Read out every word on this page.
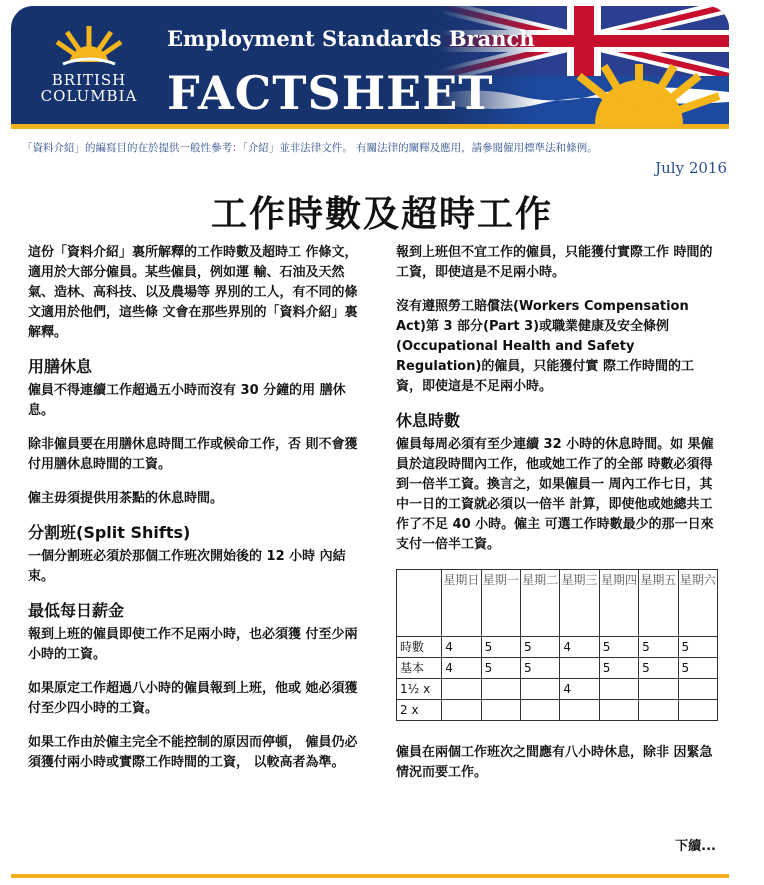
BRITISH
COLUMBIA
Employment Standards Branch
FACTSHEET
「資料介紹」的編寫目的在於提供一般性參考：「介紹」並非法律文件。 有關法律的闡釋及應用，請參閱僱用標準法和條例。
July 2016
工作時數及超時工作

這份「資料介紹」裏所解釋的工作時數及超時工 作條文，適用於大部分僱員。某些僱員，例如運 輸、石油及天然氣、造林、高科技、以及農場等 界別的工人，有不同的條文適用於他們，這些條 文會在那些界別的「資料介紹」裏解釋。

用膳休息

僱員不得連續工作超過五小時而沒有 30 分鐘的用 膳休息。

除非僱員要在用膳休息時間工作或候命工作，否 則不會獲付用膳休息時間的工資。

僱主毋須提供用茶點的休息時間。

分割班(Split Shifts)

一個分割班必須於那個工作班次開始後的 12 小時 內結束。

最低每日薪金

報到上班的僱員即使工作不足兩小時，也必須獲 付至少兩小時的工資。

如果原定工作超過八小時的僱員報到上班，他或 她必須獲付至少四小時的工資。

如果工作由於僱主完全不能控制的原因而停頓， 僱員仍必須獲付兩小時或實際工作時間的工資， 以較高者為準。

報到上班但不宜工作的僱員，只能獲付實際工作 時間的工資，即使這是不足兩小時。

沒有遵照勞工賠償法(Workers Compensation Act)第 3 部分(Part 3)或職業健康及安全條例 (Occupational Health and Safety Regulation)的僱員，只能獲付實 際工作時間的工資，即使這是不足兩小時。

休息時數

僱員每周必須有至少連續 32 小時的休息時間。如 果僱員於這段時間內工作，他或她工作了的全部 時數必須得到一倍半工資。換言之，如果僱員一 周內工作七日，其中一日的工資就必須以一倍半 計算，即使他或她總共工作了不足 40 小時。僱主 可選工作時數最少的那一日來支付一倍半工資。

	星期日	星期一	星期二	星期三	星期四	星期五	星期六
時數	4	5	5	4	5	5	5
基本	4	5	5		5	5	5
1½ x				4			
2 x							

僱員在兩個工作班次之間應有八小時休息，除非 因緊急情況而要工作。

下續...
